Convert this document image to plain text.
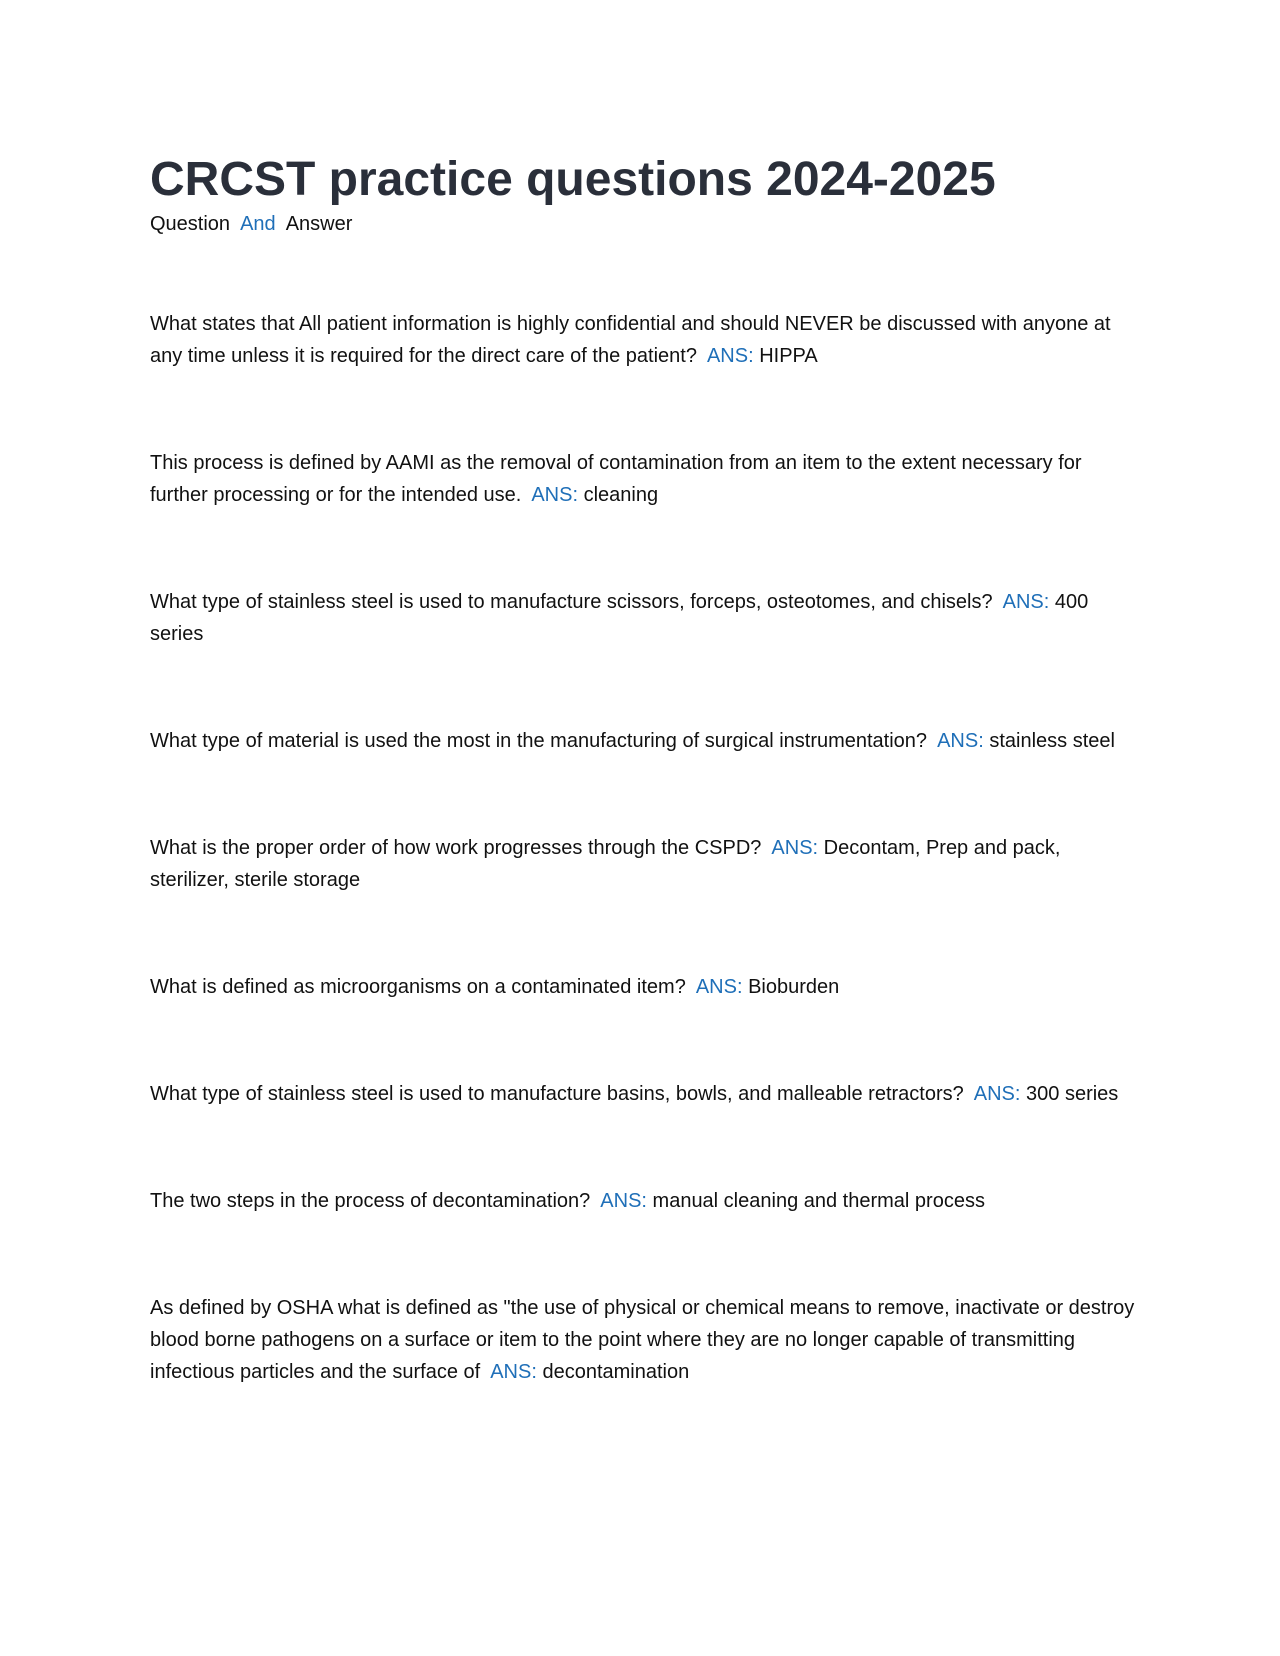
CRCST practice questions 2024-2025

Question And Answer

What states that All patient information is highly confidential and should NEVER be discussed with anyone at any time unless it is required for the direct care of the patient? ANS: HIPPA

This process is defined by AAMI as the removal of contamination from an item to the extent necessary for further processing or for the intended use. ANS: cleaning

What type of stainless steel is used to manufacture scissors, forceps, osteotomes, and chisels? ANS: 400 series

What type of material is used the most in the manufacturing of surgical instrumentation? ANS: stainless steel

What is the proper order of how work progresses through the CSPD? ANS: Decontam, Prep and pack, sterilizer, sterile storage

What is defined as microorganisms on a contaminated item? ANS: Bioburden

What type of stainless steel is used to manufacture basins, bowls, and malleable retractors? ANS: 300 series

The two steps in the process of decontamination? ANS: manual cleaning and thermal process

As defined by OSHA what is defined as "the use of physical or chemical means to remove, inactivate or destroy blood borne pathogens on a surface or item to the point where they are no longer capable of transmitting infectious particles and the surface of ANS: decontamination
